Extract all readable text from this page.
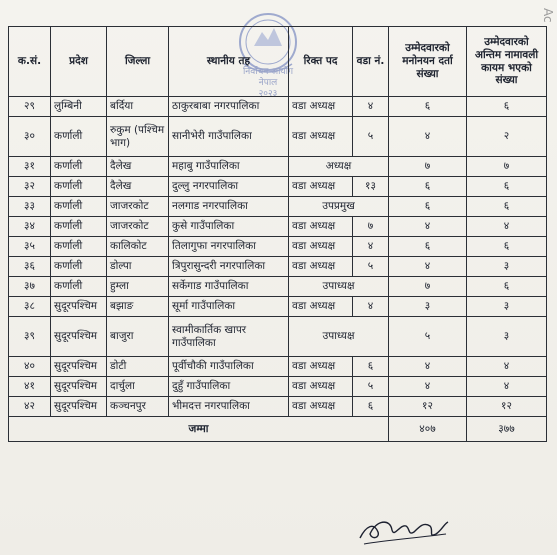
निर्वाचन आयोग
नेपाल
२०२३
Ac
क.सं.	प्रदेश	जिल्ला	स्थानीय तह	रिक्त पद	वडा नं.	उम्मेदवारको मनोनयन दर्ता संख्या	उम्मेदवारको अन्तिम नामावली कायम भएको संख्या
२९	लुम्बिनी	बर्दिया	ठाकुरबाबा नगरपालिका	वडा अध्यक्ष	४	६	६
३०	कर्णाली	रुकुम (पश्चिम भाग)	सानीभेरी गाउँपालिका	वडा अध्यक्ष	५	४	२
३१	कर्णाली	दैलेख	महाबु गाउँपालिका	अध्यक्ष		७	७
३२	कर्णाली	दैलेख	दुल्लु नगरपालिका	वडा अध्यक्ष	१३	६	६
३३	कर्णाली	जाजरकोट	नलगाड नगरपालिका	उपप्रमुख		६	६
३४	कर्णाली	जाजरकोट	कुसे गाउँपालिका	वडा अध्यक्ष	७	४	४
३५	कर्णाली	कालिकोट	तिलागुफा नगरपालिका	वडा अध्यक्ष	४	६	६
३६	कर्णाली	डोल्पा	त्रिपुरासुन्दरी नगरपालिका	वडा अध्यक्ष	५	४	३
३७	कर्णाली	हुम्ला	सर्केगाड गाउँपालिका	उपाध्यक्ष		७	६
३८	सुदूरपश्चिम	बझाङ	सूर्मा गाउँपालिका	वडा अध्यक्ष	४	३	३
३९	सुदूरपश्चिम	बाजुरा	स्वामीकार्तिक खापर गाउँपालिका	उपाध्यक्ष		५	३
४०	सुदूरपश्चिम	डोटी	पूर्वीचौकी गाउँपालिका	वडा अध्यक्ष	६	४	४
४१	सुदूरपश्चिम	दार्चुला	दुहुँ गाउँपालिका	वडा अध्यक्ष	५	४	४
४२	सुदूरपश्चिम	कञ्चनपुर	भीमदत्त नगरपालिका	वडा अध्यक्ष	६	१२	१२
जम्मा						४०७	३७७
